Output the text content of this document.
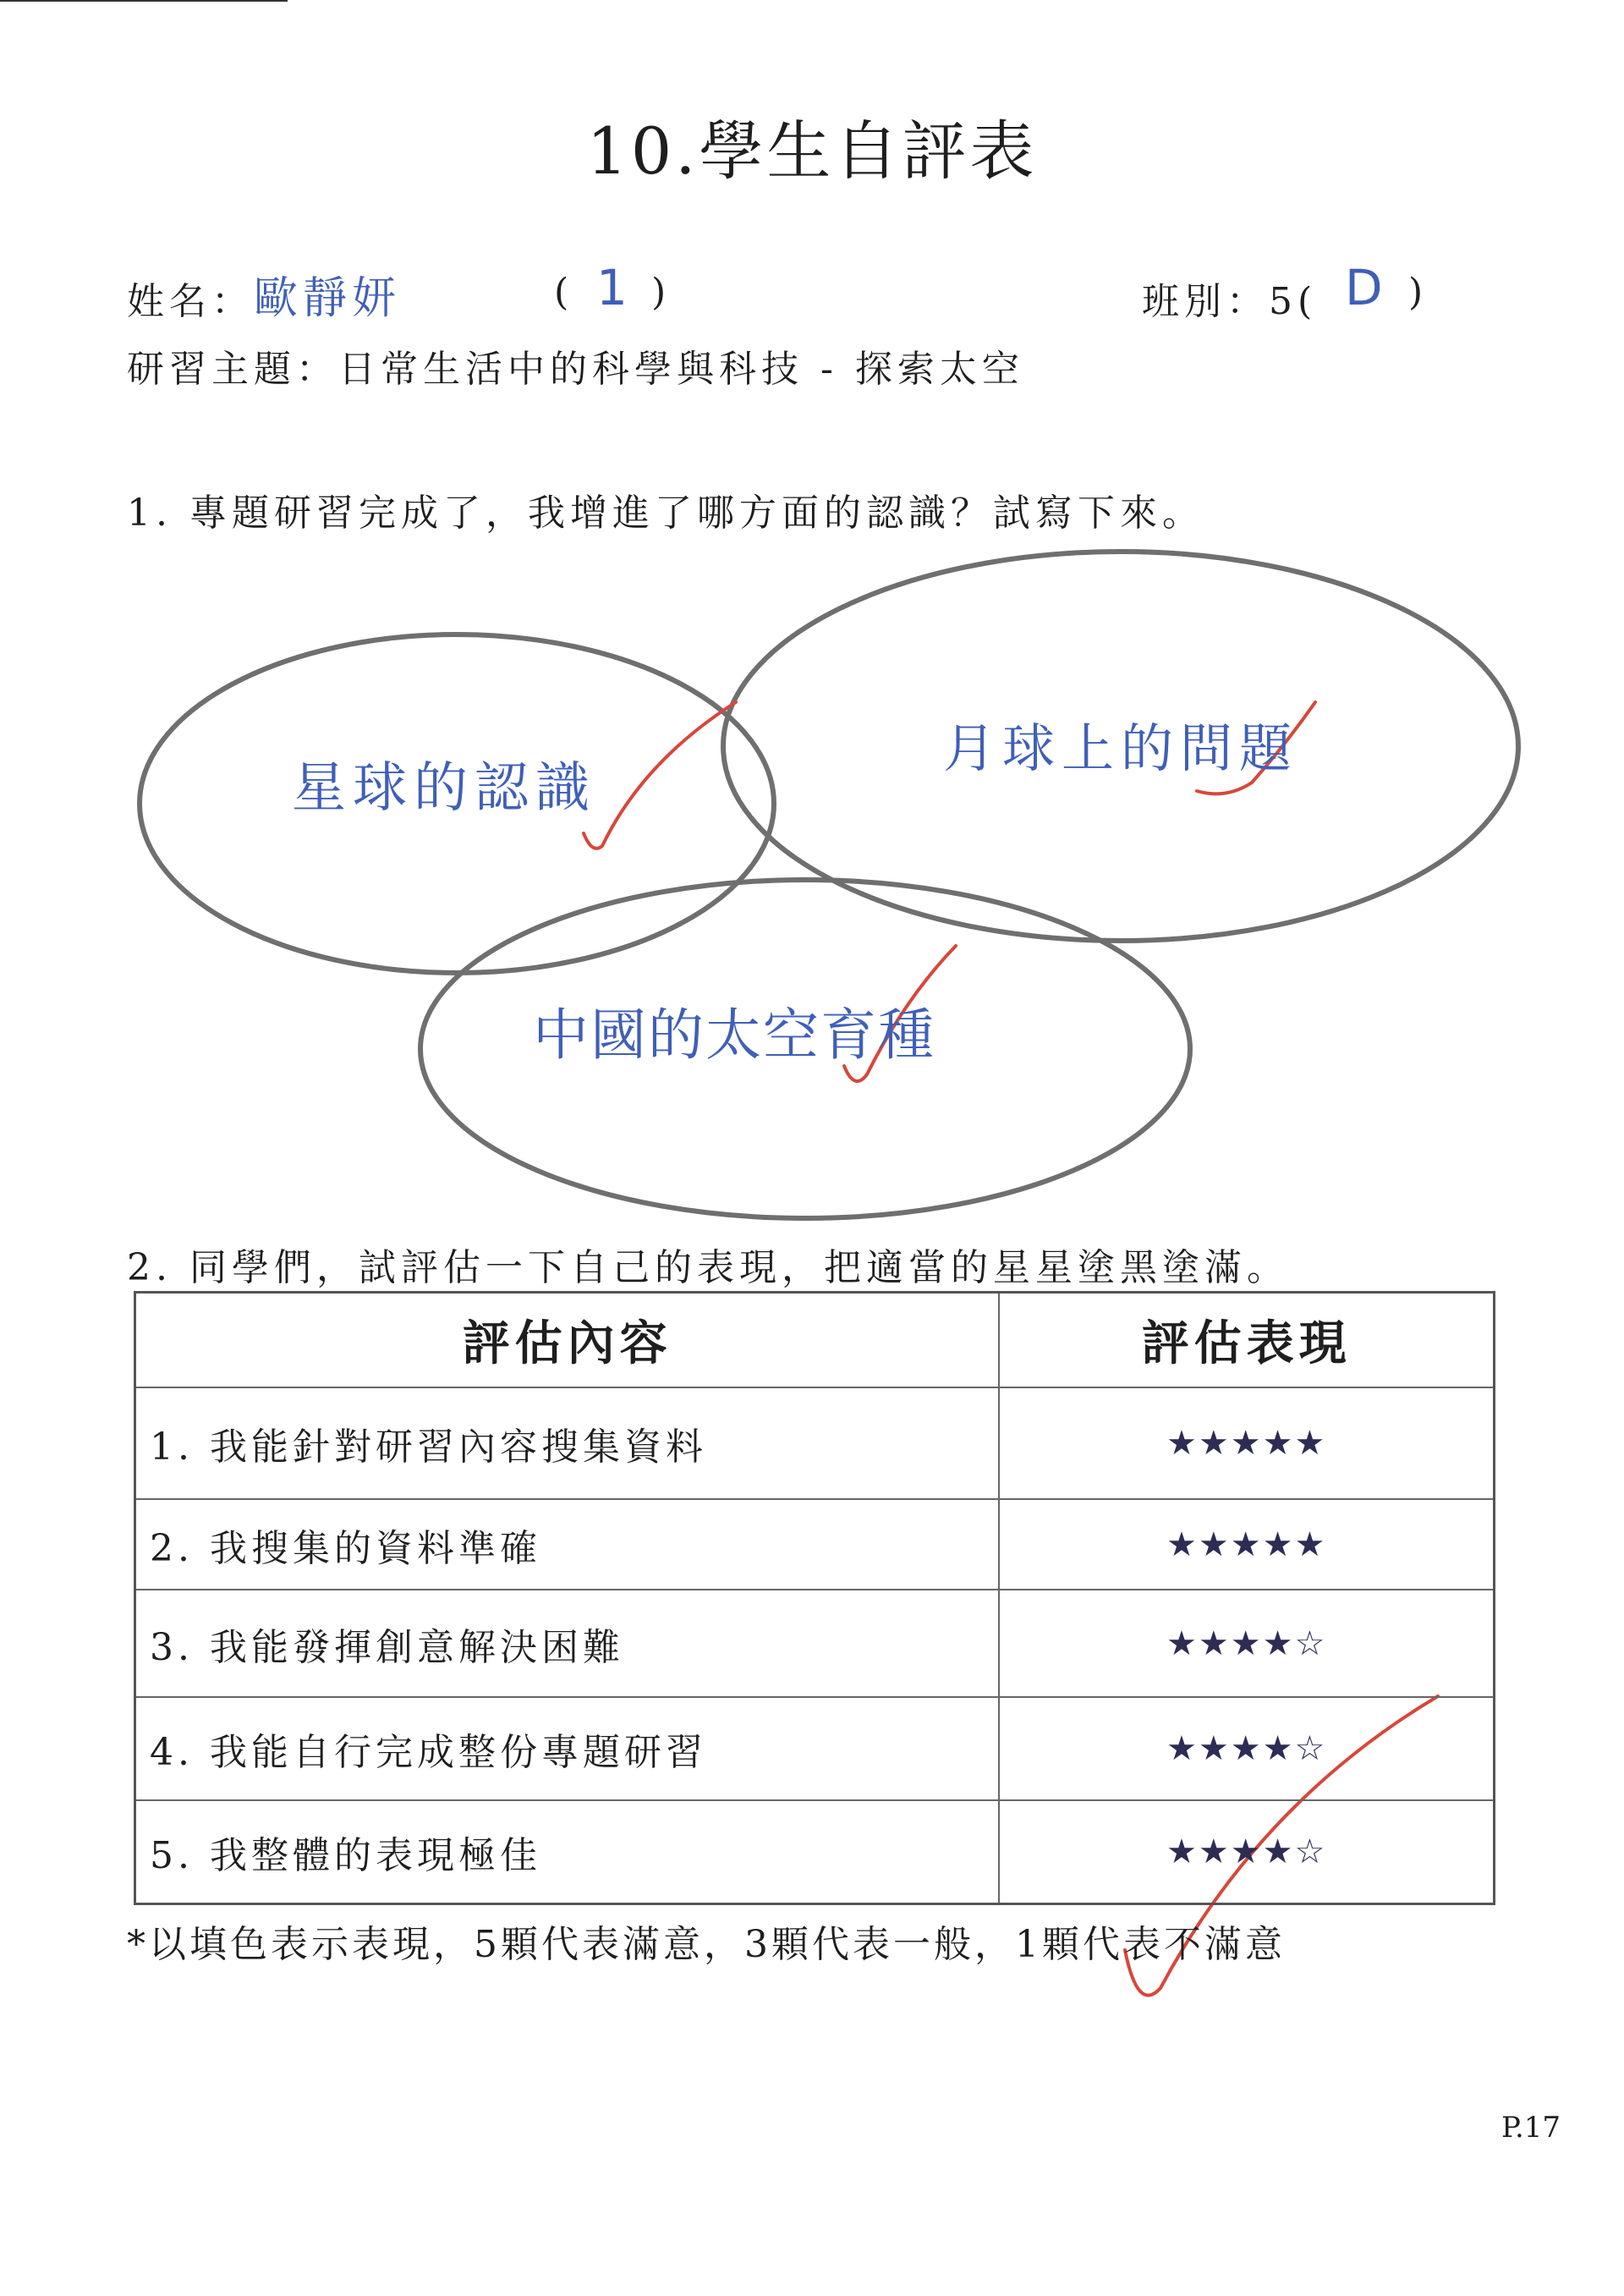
10.學生自評表
姓名： 歐靜妍	( 1 )	班別：5( D )
研習主題： 日常生活中的科學與科技 - 探索太空
1. 專題研習完成了，我增進了哪方面的認識？試寫下來。
星球的認識
月球上的問題
中國的太空育種
2. 同學們，試評估一下自己的表現，把適當的星星塗黑塗滿。
評估內容	評估表現
1. 我能針對研習內容搜集資料	★★★★★
2. 我搜集的資料準確	★★★★★
3. 我能發揮創意解決困難	★★★★☆
4. 我能自行完成整份專題研習	★★★★☆
5. 我整體的表現極佳	★★★★☆
*以填色表示表現，5顆代表滿意，3顆代表一般，1顆代表不滿意
P.17
